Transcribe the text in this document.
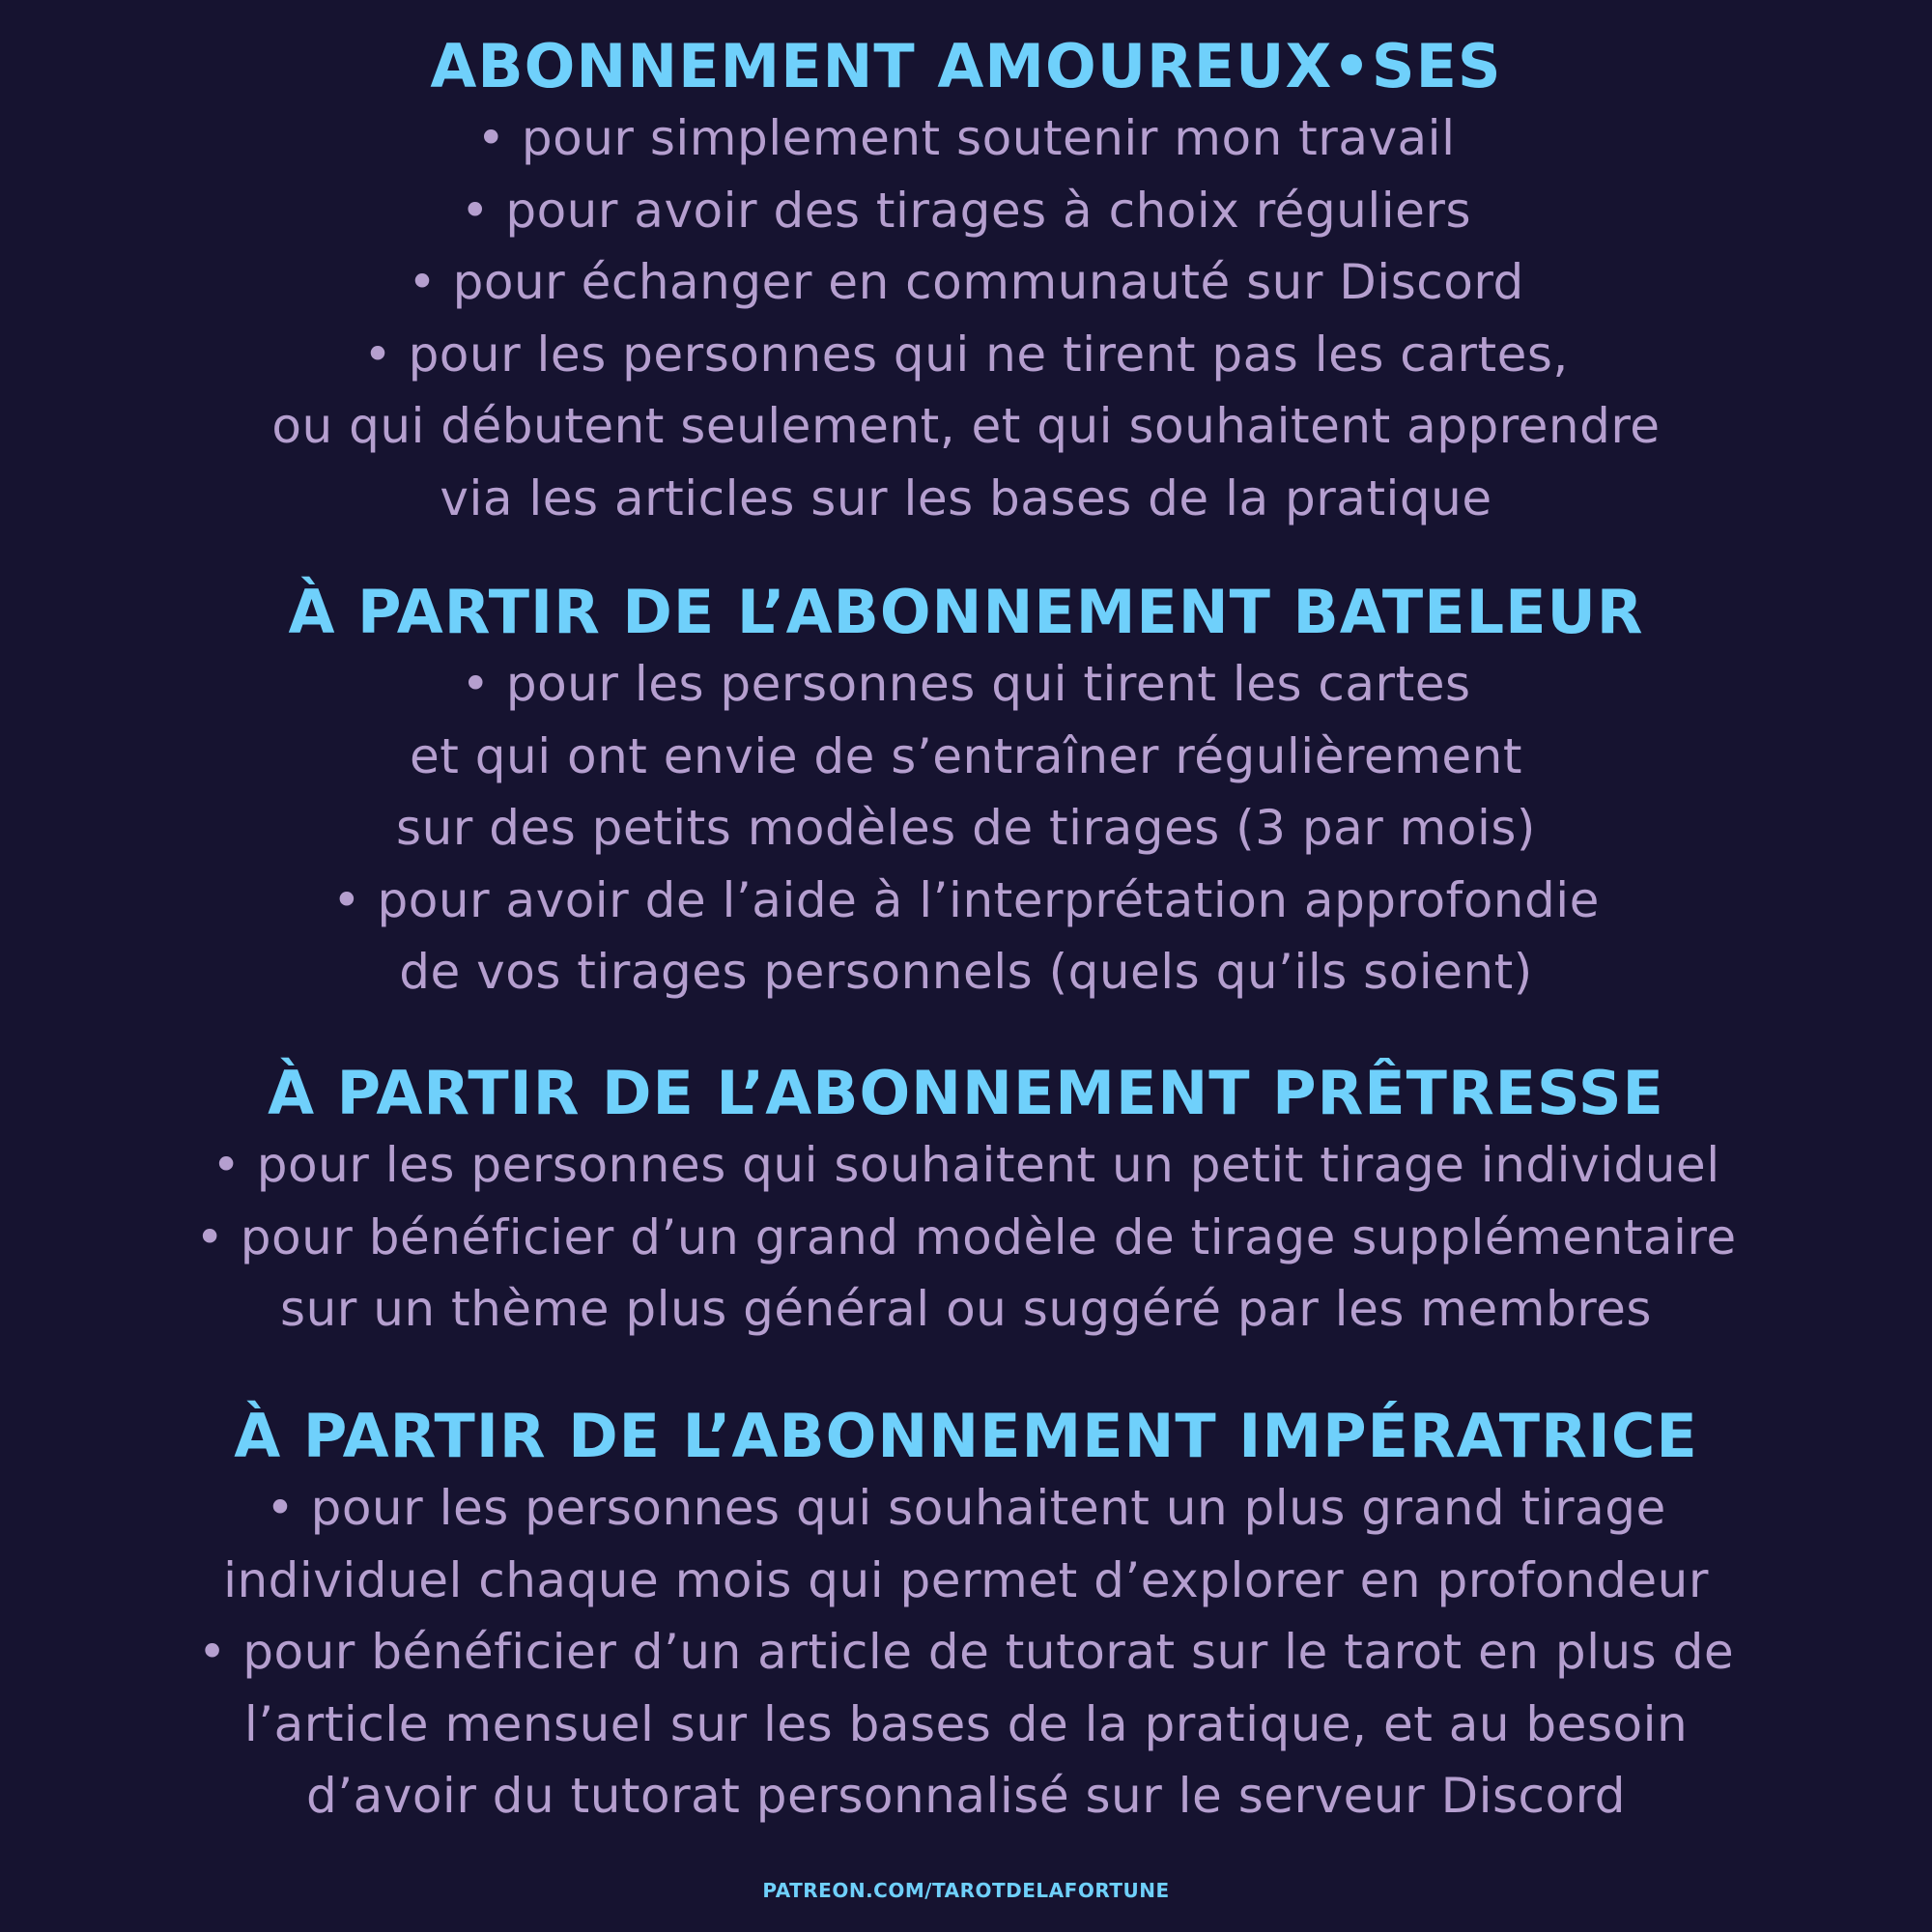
ABONNEMENT AMOUREUX•SES
• pour simplement soutenir mon travail
• pour avoir des tirages à choix réguliers
• pour échanger en communauté sur Discord
• pour les personnes qui ne tirent pas les cartes,
ou qui débutent seulement, et qui souhaitent apprendre
via les articles sur les bases de la pratique
À PARTIR DE L’ABONNEMENT BATELEUR
• pour les personnes qui tirent les cartes
et qui ont envie de s’entraîner régulièrement
sur des petits modèles de tirages (3 par mois)
• pour avoir de l’aide à l’interprétation approfondie
de vos tirages personnels (quels qu’ils soient)
À PARTIR DE L’ABONNEMENT PRÊTRESSE
• pour les personnes qui souhaitent un petit tirage individuel
• pour bénéficier d’un grand modèle de tirage supplémentaire
sur un thème plus général ou suggéré par les membres
À PARTIR DE L’ABONNEMENT IMPÉRATRICE
• pour les personnes qui souhaitent un plus grand tirage
individuel chaque mois qui permet d’explorer en profondeur
• pour bénéficier d’un article de tutorat sur le tarot en plus de
l’article mensuel sur les bases de la pratique, et au besoin
d’avoir du tutorat personnalisé sur le serveur Discord
PATREON.COM/TAROTDELAFORTUNE
